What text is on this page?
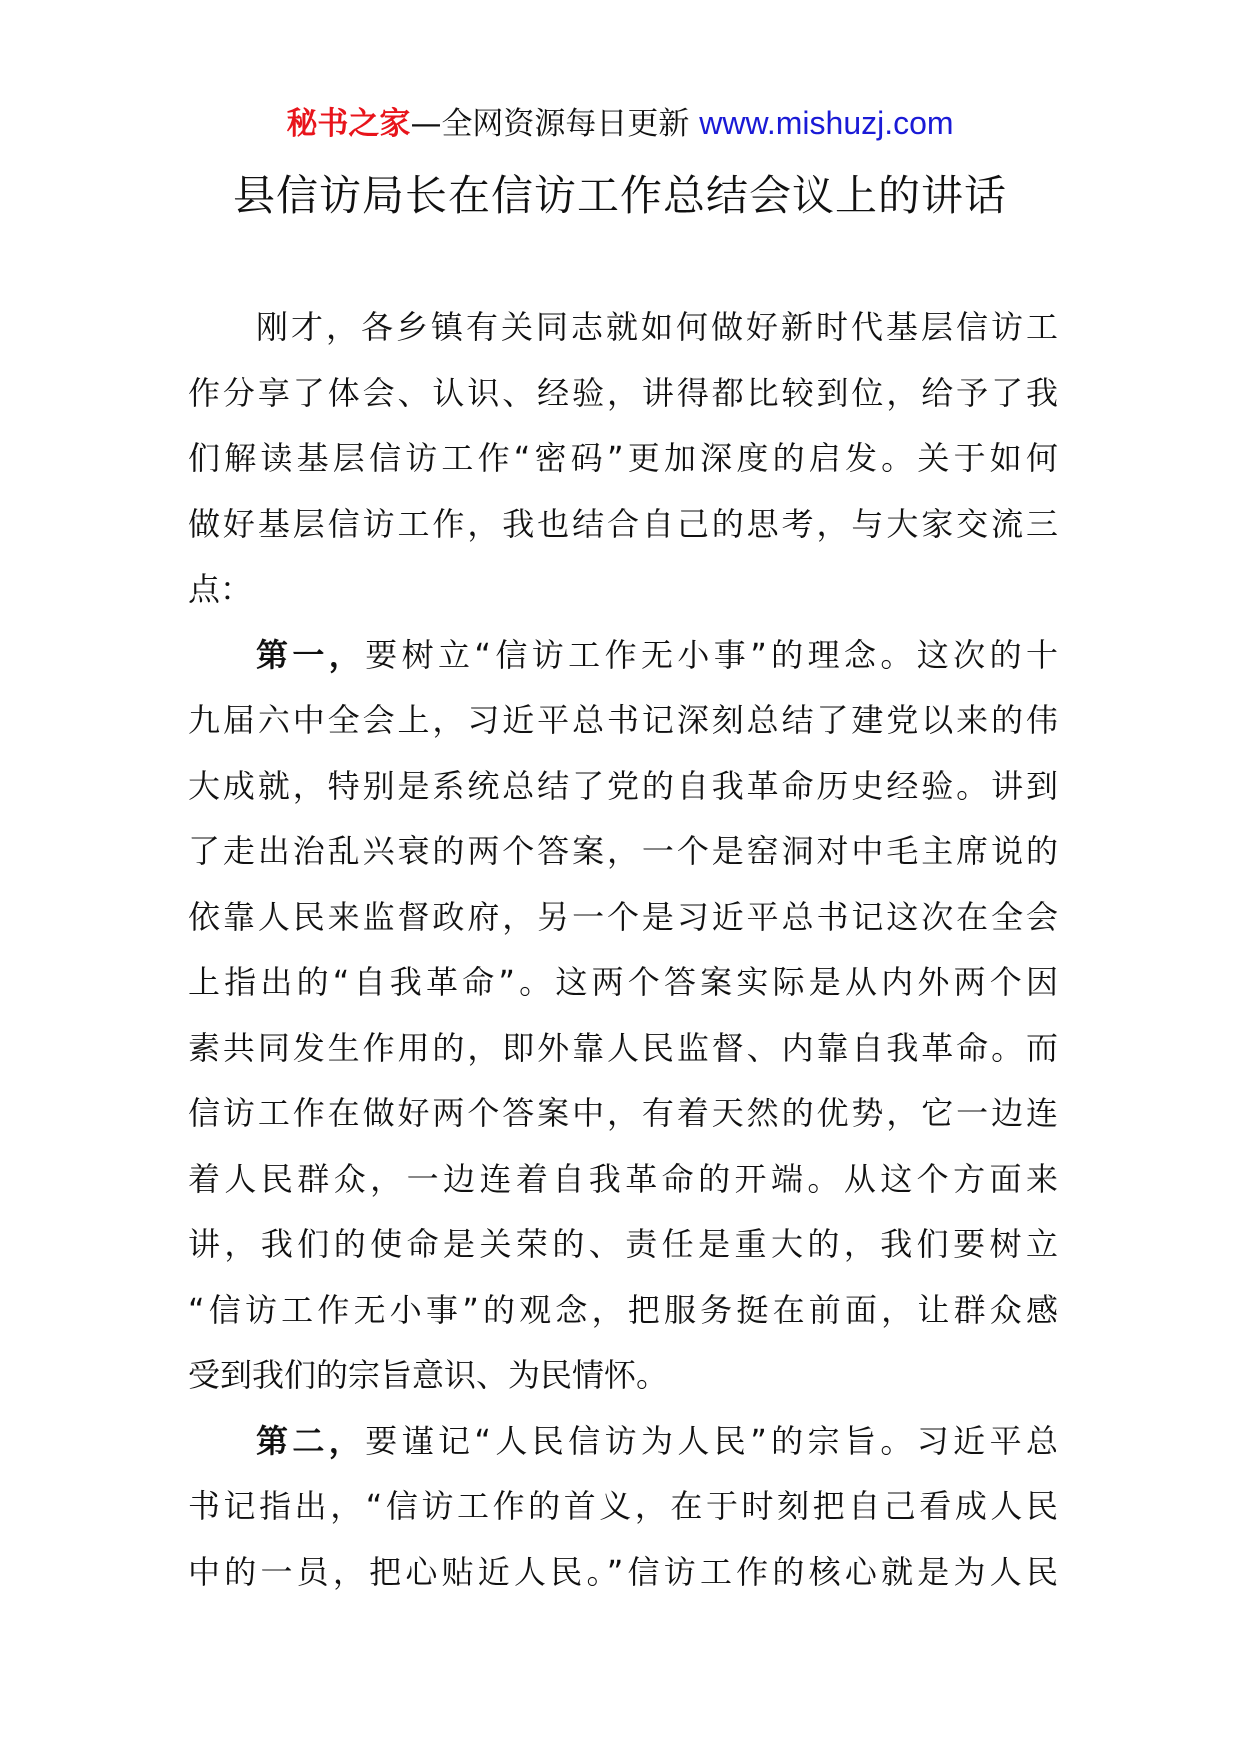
秘书之家—全网资源每日更新 www.mishuzj.com
县信访局长在信访工作总结会议上的讲话
刚才，各乡镇有关同志就如何做好新时代基层信访工
作分享了体会、认识、经验，讲得都比较到位，给予了我
们解读基层信访工作“密码”更加深度的启发。关于如何
做好基层信访工作，我也结合自己的思考，与大家交流三
点：
第一，要树立“信访工作无小事”的理念。这次的十
九届六中全会上，习近平总书记深刻总结了建党以来的伟
大成就，特别是系统总结了党的自我革命历史经验。讲到
了走出治乱兴衰的两个答案，一个是窑洞对中毛主席说的
依靠人民来监督政府，另一个是习近平总书记这次在全会
上指出的“自我革命”。这两个答案实际是从内外两个因
素共同发生作用的，即外靠人民监督、内靠自我革命。而
信访工作在做好两个答案中，有着天然的优势，它一边连
着人民群众，一边连着自我革命的开端。从这个方面来
讲，我们的使命是关荣的、责任是重大的，我们要树立
“信访工作无小事”的观念，把服务挺在前面，让群众感
受到我们的宗旨意识、为民情怀。
第二，要谨记“人民信访为人民”的宗旨。习近平总
书记指出，“信访工作的首义，在于时刻把自己看成人民
中的一员，把心贴近人民。”信访工作的核心就是为人民
